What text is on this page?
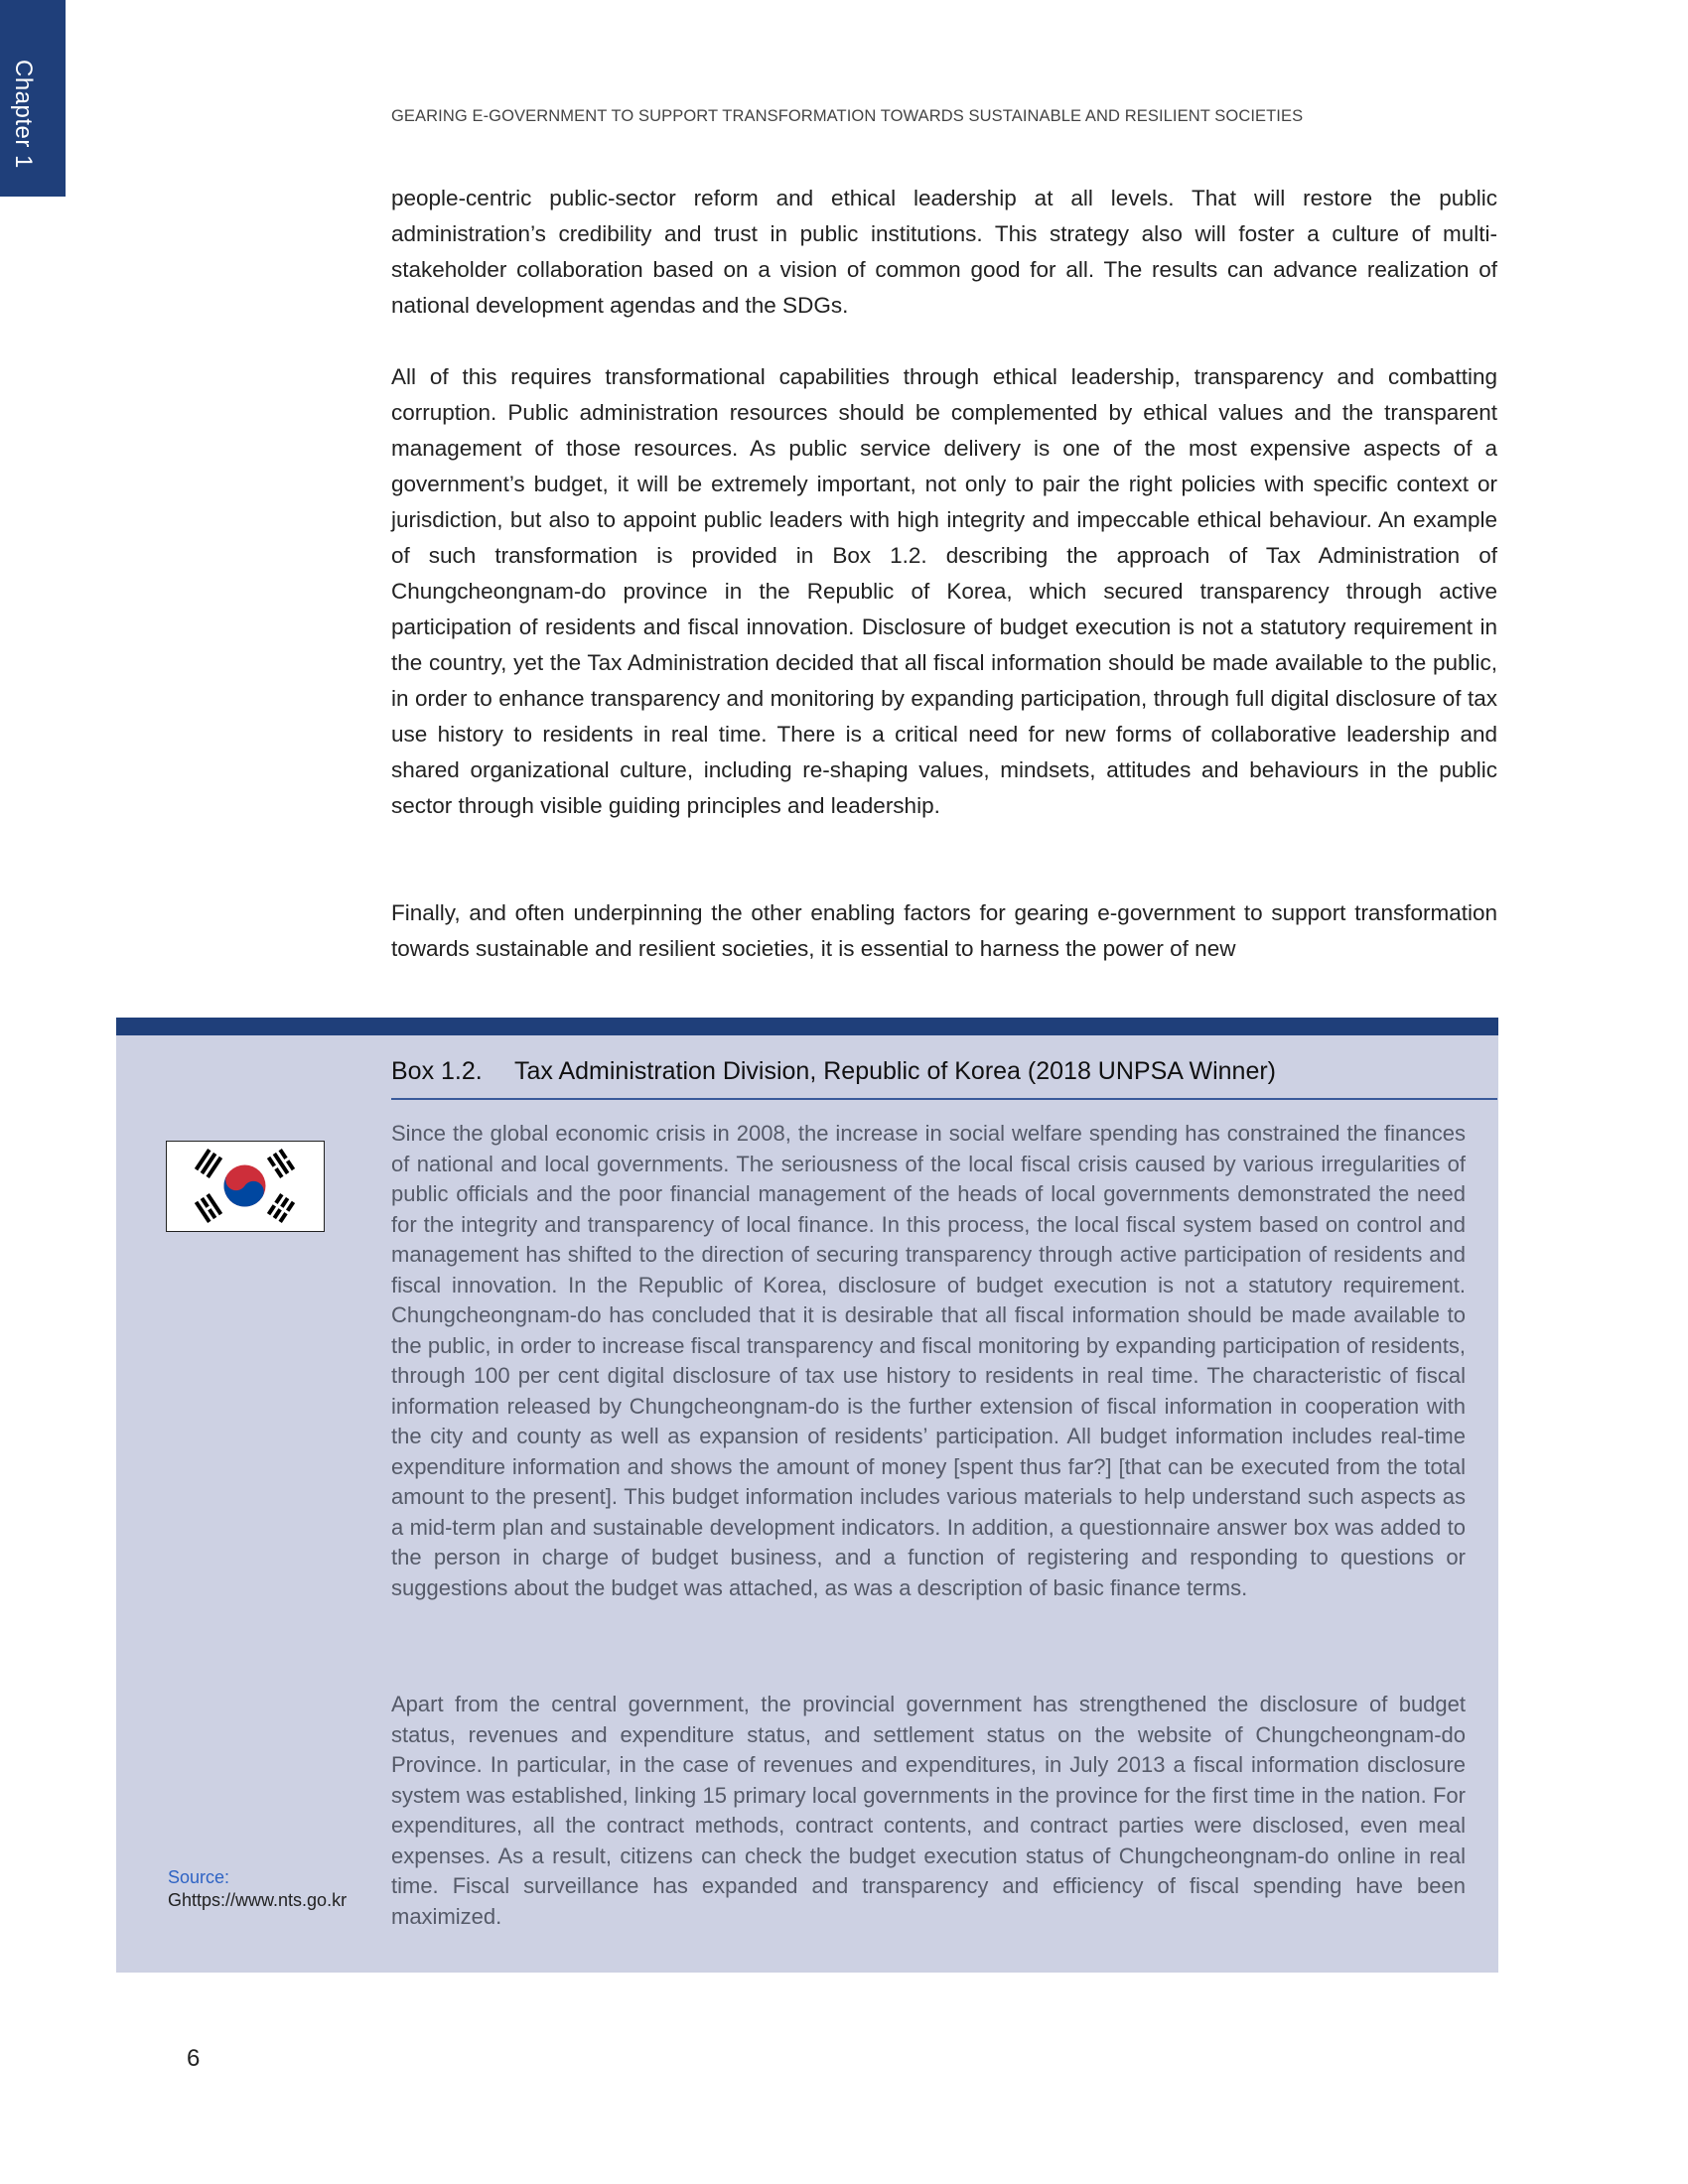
Chapter 1	GEARING E-GOVERNMENT TO SUPPORT TRANSFORMATION TOWARDS SUSTAINABLE AND RESILIENT SOCIETIES
people-centric public-sector reform and ethical leadership at all levels. That will restore the public administration’s credibility and trust in public institutions. This strategy also will foster a culture of multi-stakeholder collaboration based on a vision of common good for all. The results can advance realization of national development agendas and the SDGs.
All of this requires transformational capabilities through ethical leadership, transparency and combatting corruption. Public administration resources should be complemented by ethical values and the transparent management of those resources. As public service delivery is one of the most expensive aspects of a government’s budget, it will be extremely important, not only to pair the right policies with specific context or jurisdiction, but also to appoint public leaders with high integrity and impeccable ethical behaviour. An example of such transformation is provided in Box 1.2. describing the approach of Tax Administration of Chungcheongnam-do province in the Republic of Korea, which secured transparency through active participation of residents and fiscal innovation. Disclosure of budget execution is not a statutory requirement in the country, yet the Tax Administration decided that all fiscal information should be made available to the public, in order to enhance transparency and monitoring by expanding participation, through full digital disclosure of tax use history to residents in real time. There is a critical need for new forms of collaborative leadership and shared organizational culture, including re-shaping values, mindsets, attitudes and behaviours in the public sector through visible guiding principles and leadership.
Finally, and often underpinning the other enabling factors for gearing e-government to support transformation towards sustainable and resilient societies, it is essential to harness the power of new
Box 1.2. Tax Administration Division, Republic of Korea (2018 UNPSA Winner)
Since the global economic crisis in 2008, the increase in social welfare spending has constrained the finances of national and local governments. The seriousness of the local fiscal crisis caused by various irregularities of public officials and the poor financial management of the heads of local governments demonstrated the need for the integrity and transparency of local finance. In this process, the local fiscal system based on control and management has shifted to the direction of securing transparency through active participation of residents and fiscal innovation. In the Republic of Korea, disclosure of budget execution is not a statutory requirement. Chungcheongnam-do has concluded that it is desirable that all fiscal information should be made available to the public, in order to increase fiscal transparency and fiscal monitoring by expanding participation of residents, through 100 per cent digital disclosure of tax use history to residents in real time. The characteristic of fiscal information released by Chungcheongnam-do is the further extension of fiscal information in cooperation with the city and county as well as expansion of residents’ participation. All budget information includes real-time expenditure information and shows the amount of money [spent thus far?] [that can be executed from the total amount to the present]. This budget information includes various materials to help understand such aspects as a mid-term plan and sustainable development indicators. In addition, a questionnaire answer box was added to the person in charge of budget business, and a function of registering and responding to questions or suggestions about the budget was attached, as was a description of basic finance terms.
Apart from the central government, the provincial government has strengthened the disclosure of budget status, revenues and expenditure status, and settlement status on the website of Chungcheongnam-do Province. In particular, in the case of revenues and expenditures, in July 2013 a fiscal information disclosure system was established, linking 15 primary local governments in the province for the first time in the nation. For expenditures, all the contract methods, contract contents, and contract parties were disclosed, even meal expenses. As a result, citizens can check the budget execution status of Chungcheongnam-do online in real time. Fiscal surveillance has expanded and transparency and efficiency of fiscal spending have been maximized.
Source:
Ghttps://www.nts.go.kr
6
